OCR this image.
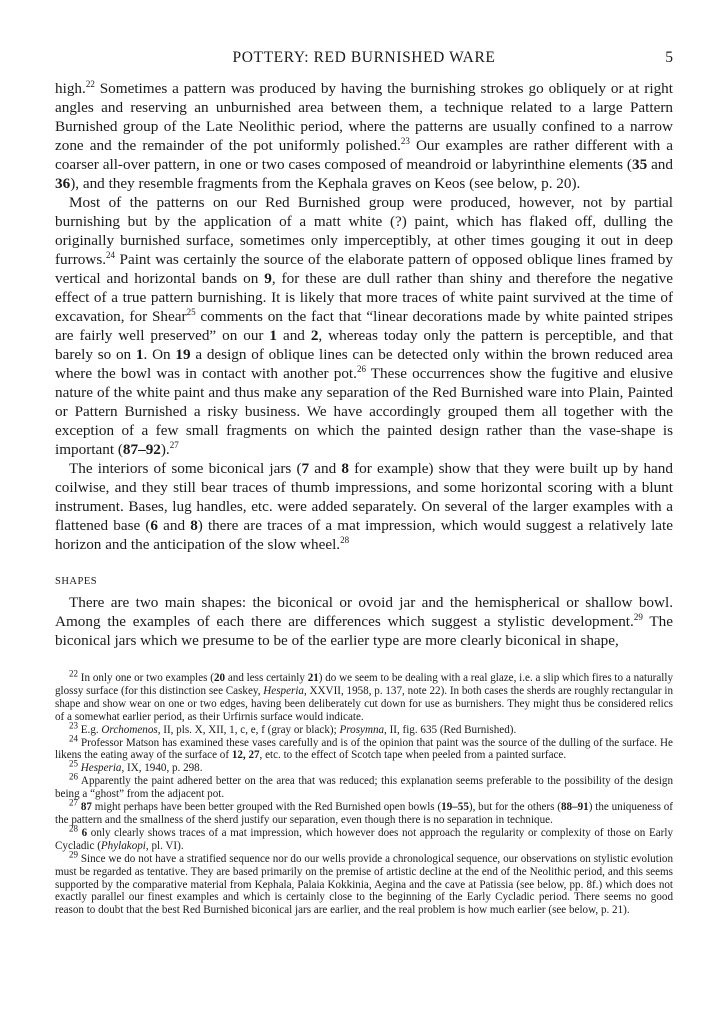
POTTERY: RED BURNISHED WARE	5

high.$^{22}$ Sometimes a pattern was produced by having the burnishing strokes go obliquely or at right angles and reserving an unburnished area between them, a technique related to a large Pattern Burnished group of the Late Neolithic period, where the patterns are usually confined to a narrow zone and the remainder of the pot uniformly polished.$^{23}$ Our examples are rather different with a coarser all-over pattern, in one or two cases composed of meandroid or labyrinthine elements (35 and 36), and they resemble fragments from the Kephala graves on Keos (see below, p. 20).

Most of the patterns on our Red Burnished group were produced, however, not by partial burnishing but by the application of a matt white (?) paint, which has flaked off, dulling the originally burnished surface, sometimes only imperceptibly, at other times gouging it out in deep furrows.$^{24}$ Paint was certainly the source of the elaborate pattern of opposed oblique lines framed by vertical and horizontal bands on 9, for these are dull rather than shiny and therefore the negative effect of a true pattern burnishing. It is likely that more traces of white paint survived at the time of excavation, for Shear$^{25}$ comments on the fact that “linear decorations made by white painted stripes are fairly well preserved” on our 1 and 2, whereas today only the pattern is perceptible, and that barely so on 1. On 19 a design of oblique lines can be detected only within the brown reduced area where the bowl was in contact with another pot.$^{26}$ These occurrences show the fugitive and elusive nature of the white paint and thus make any separation of the Red Burnished ware into Plain, Painted or Pattern Burnished a risky business. We have accordingly grouped them all together with the exception of a few small fragments on which the painted design rather than the vase-shape is important (87–92).$^{27}$

The interiors of some biconical jars (7 and 8 for example) show that they were built up by hand coilwise, and they still bear traces of thumb impressions, and some horizontal scoring with a blunt instrument. Bases, lug handles, etc. were added separately. On several of the larger examples with a flattened base (6 and 8) there are traces of a mat impression, which would suggest a relatively late horizon and the anticipation of the slow wheel.$^{28}$

SHAPES

There are two main shapes: the biconical or ovoid jar and the hemispherical or shallow bowl. Among the examples of each there are differences which suggest a stylistic development.$^{29}$ The biconical jars which we presume to be of the earlier type are more clearly biconical in shape,

$^{22}$ In only one or two examples (20 and less certainly 21) do we seem to be dealing with a real glaze, i.e. a slip which fires to a naturally glossy surface (for this distinction see Caskey, Hesperia, XXVII, 1958, p. 137, note 22). In both cases the sherds are roughly rectangular in shape and show wear on one or two edges, having been deliberately cut down for use as burnishers. They might thus be considered relics of a somewhat earlier period, as their Urfirnis surface would indicate.

$^{23}$ E.g. Orchomenos, II, pls. X, XII, 1, c, e, f (gray or black); Prosymna, II, fig. 635 (Red Burnished).

$^{24}$ Professor Matson has examined these vases carefully and is of the opinion that paint was the source of the dulling of the surface. He likens the eating away of the surface of 12, 27, etc. to the effect of Scotch tape when peeled from a painted surface.

$^{25}$ Hesperia, IX, 1940, p. 298.

$^{26}$ Apparently the paint adhered better on the area that was reduced; this explanation seems preferable to the possibility of the design being a “ghost” from the adjacent pot.

$^{27}$ 87 might perhaps have been better grouped with the Red Burnished open bowls (19–55), but for the others (88–91) the uniqueness of the pattern and the smallness of the sherd justify our separation, even though there is no separation in technique.

$^{28}$ 6 only clearly shows traces of a mat impression, which however does not approach the regularity or complexity of those on Early Cycladic (Phylakopi, pl. VI).

$^{29}$ Since we do not have a stratified sequence nor do our wells provide a chronological sequence, our observations on stylistic evolution must be regarded as tentative. They are based primarily on the premise of artistic decline at the end of the Neolithic period, and this seems supported by the comparative material from Kephala, Palaia Kokkinia, Aegina and the cave at Patissia (see below, pp. 8f.) which does not exactly parallel our finest examples and which is certainly close to the beginning of the Early Cycladic period. There seems no good reason to doubt that the best Red Burnished biconical jars are earlier, and the real problem is how much earlier (see below, p. 21).
